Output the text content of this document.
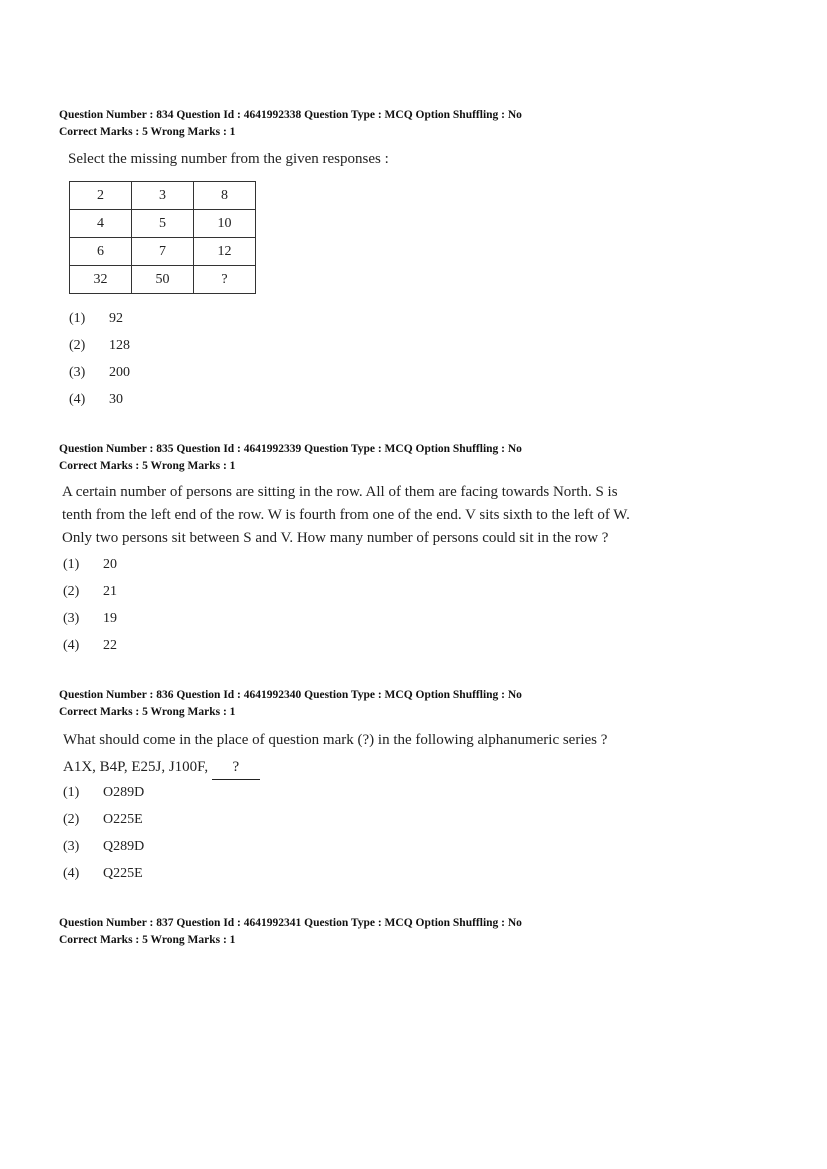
Question Number : 834 Question Id : 4641992338 Question Type : MCQ Option Shuffling : No
Correct Marks : 5 Wrong Marks : 1
Select the missing number from the given responses :
2	3	8
4	5	10
6	7	12
32	50	?
(1) 92
(2) 128
(3) 200
(4) 30
Question Number : 835 Question Id : 4641992339 Question Type : MCQ Option Shuffling : No
Correct Marks : 5 Wrong Marks : 1
A certain number of persons are sitting in the row. All of them are facing towards North. S is
tenth from the left end of the row. W is fourth from one of the end. V sits sixth to the left of W.
Only two persons sit between S and V. How many number of persons could sit in the row ?
(1) 20
(2) 21
(3) 19
(4) 22
Question Number : 836 Question Id : 4641992340 Question Type : MCQ Option Shuffling : No
Correct Marks : 5 Wrong Marks : 1
What should come in the place of question mark (?) in the following alphanumeric series ?
A1X, B4P, E25J, J100F, ?
(1) O289D
(2) O225E
(3) Q289D
(4) Q225E
Question Number : 837 Question Id : 4641992341 Question Type : MCQ Option Shuffling : No
Correct Marks : 5 Wrong Marks : 1
